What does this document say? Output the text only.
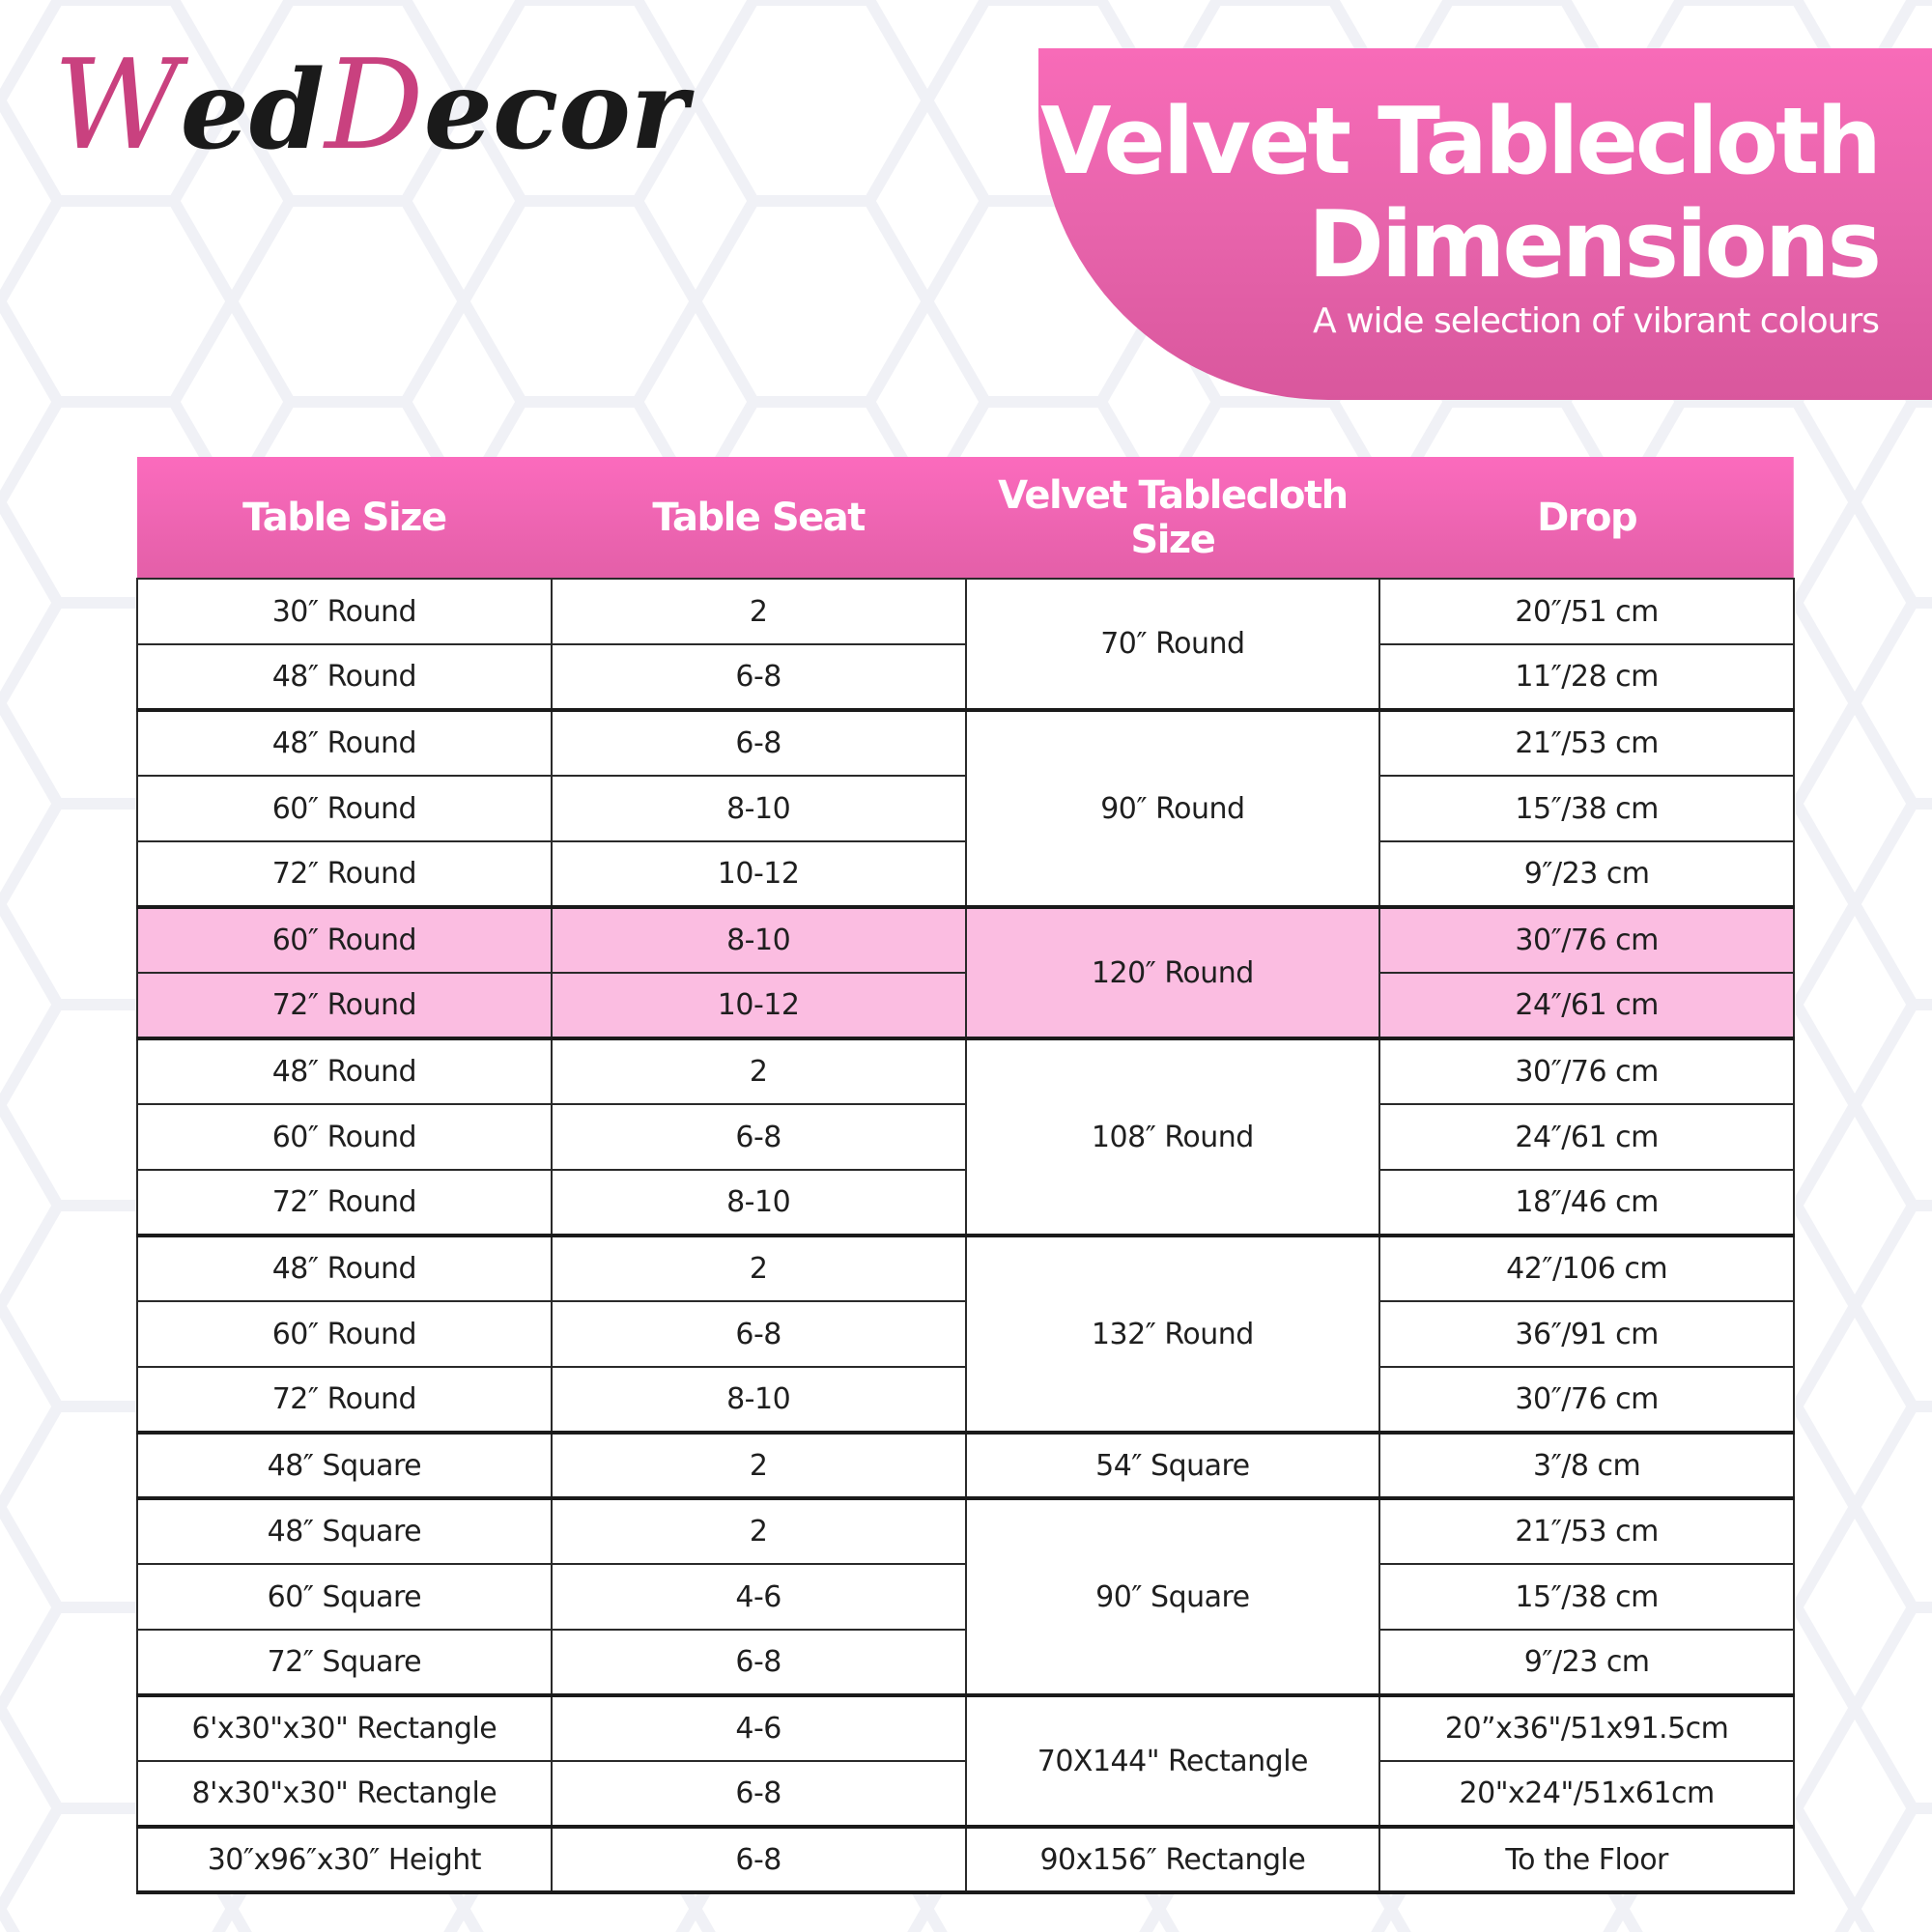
WedDecor	Velvet Tablecloth
Dimensions

A wide selection of vibrant colours

Table Size	Table Seat	Velvet Tablecloth Size	Drop
30″ Round	2	70″ Round	20″/51 cm
48″ Round	6-8		11″/28 cm
48″ Round	6-8	90″ Round	21″/53 cm
60″ Round	8-10		15″/38 cm
72″ Round	10-12		9″/23 cm
60″ Round	8-10	120″ Round	30″/76 cm
72″ Round	10-12		24″/61 cm
48″ Round	2	108″ Round	30″/76 cm
60″ Round	6-8		24″/61 cm
72″ Round	8-10		18″/46 cm
48″ Round	2	132″ Round	42″/106 cm
60″ Round	6-8		36″/91 cm
72″ Round	8-10		30″/76 cm
48″ Square	2	54″ Square	3″/8 cm
48″ Square	2	90″ Square	21″/53 cm
60″ Square	4-6		15″/38 cm
72″ Square	6-8		9″/23 cm
6'x30"x30" Rectangle	4-6	70X144" Rectangle	20”x36"/51x91.5cm
8'x30"x30" Rectangle	6-8		20"x24"/51x61cm
30″x96″x30″ Height	6-8	90x156″ Rectangle	To the Floor
